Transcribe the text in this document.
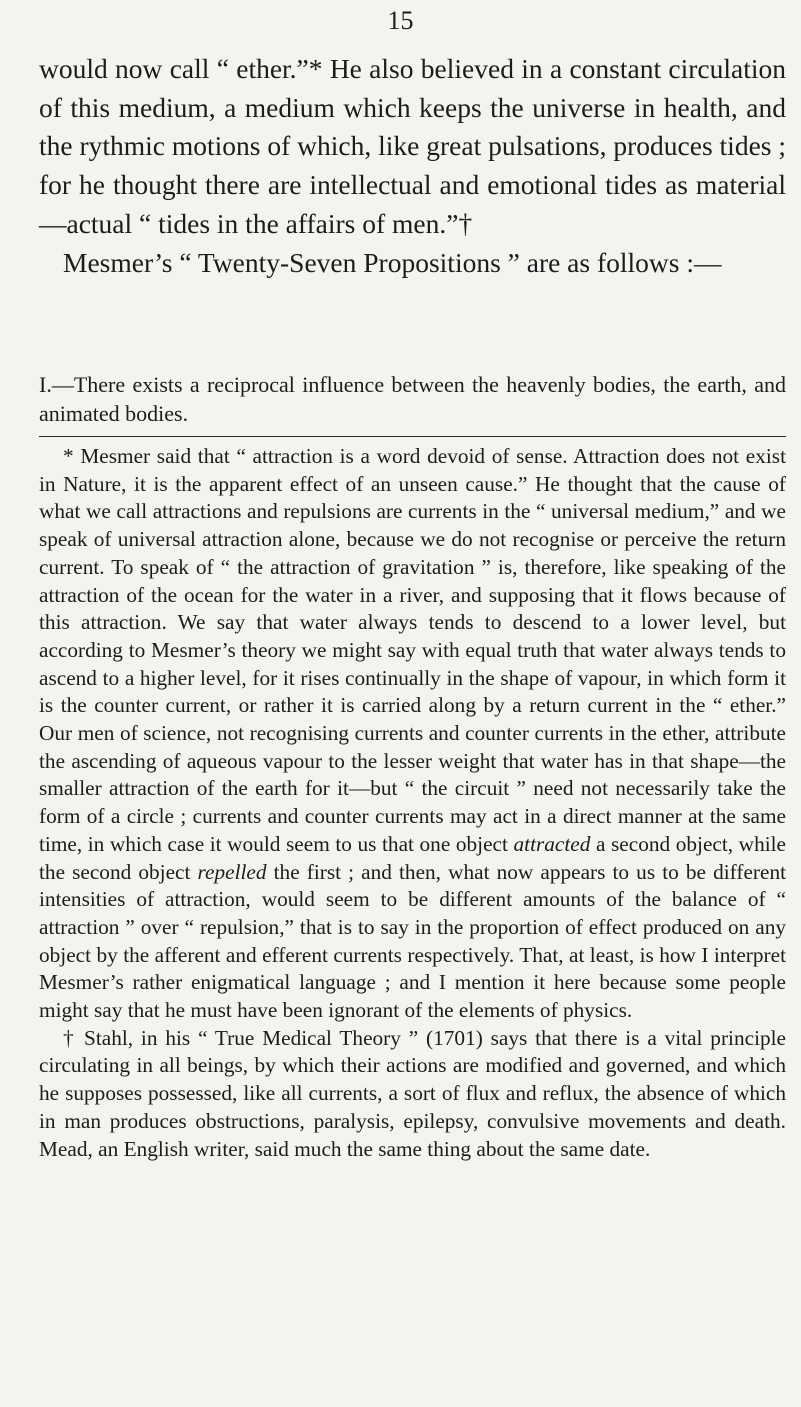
15

would now call “ ether.”* He also believed in a constant circulation of this medium, a medium which keeps the universe in health, and the rythmic motions of which, like great pulsations, produces tides ; for he thought there are intellectual and emotional tides as material—actual “ tides in the affairs of men.”†

Mesmer’s “ Twenty-Seven Propositions ” are as follows :—

I.—There exists a reciprocal influence between the heavenly bodies, the earth, and animated bodies.

* Mesmer said that “ attraction is a word devoid of sense. Attraction does not exist in Nature, it is the apparent effect of an unseen cause.” He thought that the cause of what we call attractions and repulsions are currents in the “ universal medium,” and we speak of universal attraction alone, because we do not recognise or perceive the return current. To speak of “ the attraction of gravitation ” is, therefore, like speaking of the attraction of the ocean for the water in a river, and supposing that it flows because of this attraction. We say that water always tends to descend to a lower level, but according to Mesmer’s theory we might say with equal truth that water always tends to ascend to a higher level, for it rises continually in the shape of vapour, in which form it is the counter current, or rather it is carried along by a return current in the “ ether.” Our men of science, not recognising currents and counter currents in the ether, attribute the ascending of aqueous vapour to the lesser weight that water has in that shape—the smaller attraction of the earth for it—but “ the circuit ” need not necessarily take the form of a circle ; currents and counter currents may act in a direct manner at the same time, in which case it would seem to us that one object attracted a second object, while the second object repelled the first ; and then, what now appears to us to be different intensities of attraction, would seem to be different amounts of the balance of “ attraction ” over “ repulsion,” that is to say in the proportion of effect produced on any object by the afferent and efferent currents respectively. That, at least, is how I interpret Mesmer’s rather enigmatical language ; and I mention it here because some people might say that he must have been ignorant of the elements of physics.

† Stahl, in his “ True Medical Theory ” (1701) says that there is a vital principle circulating in all beings, by which their actions are modified and governed, and which he supposes possessed, like all currents, a sort of flux and reflux, the absence of which in man produces obstructions, paralysis, epilepsy, convulsive movements and death. Mead, an English writer, said much the same thing about the same date.
